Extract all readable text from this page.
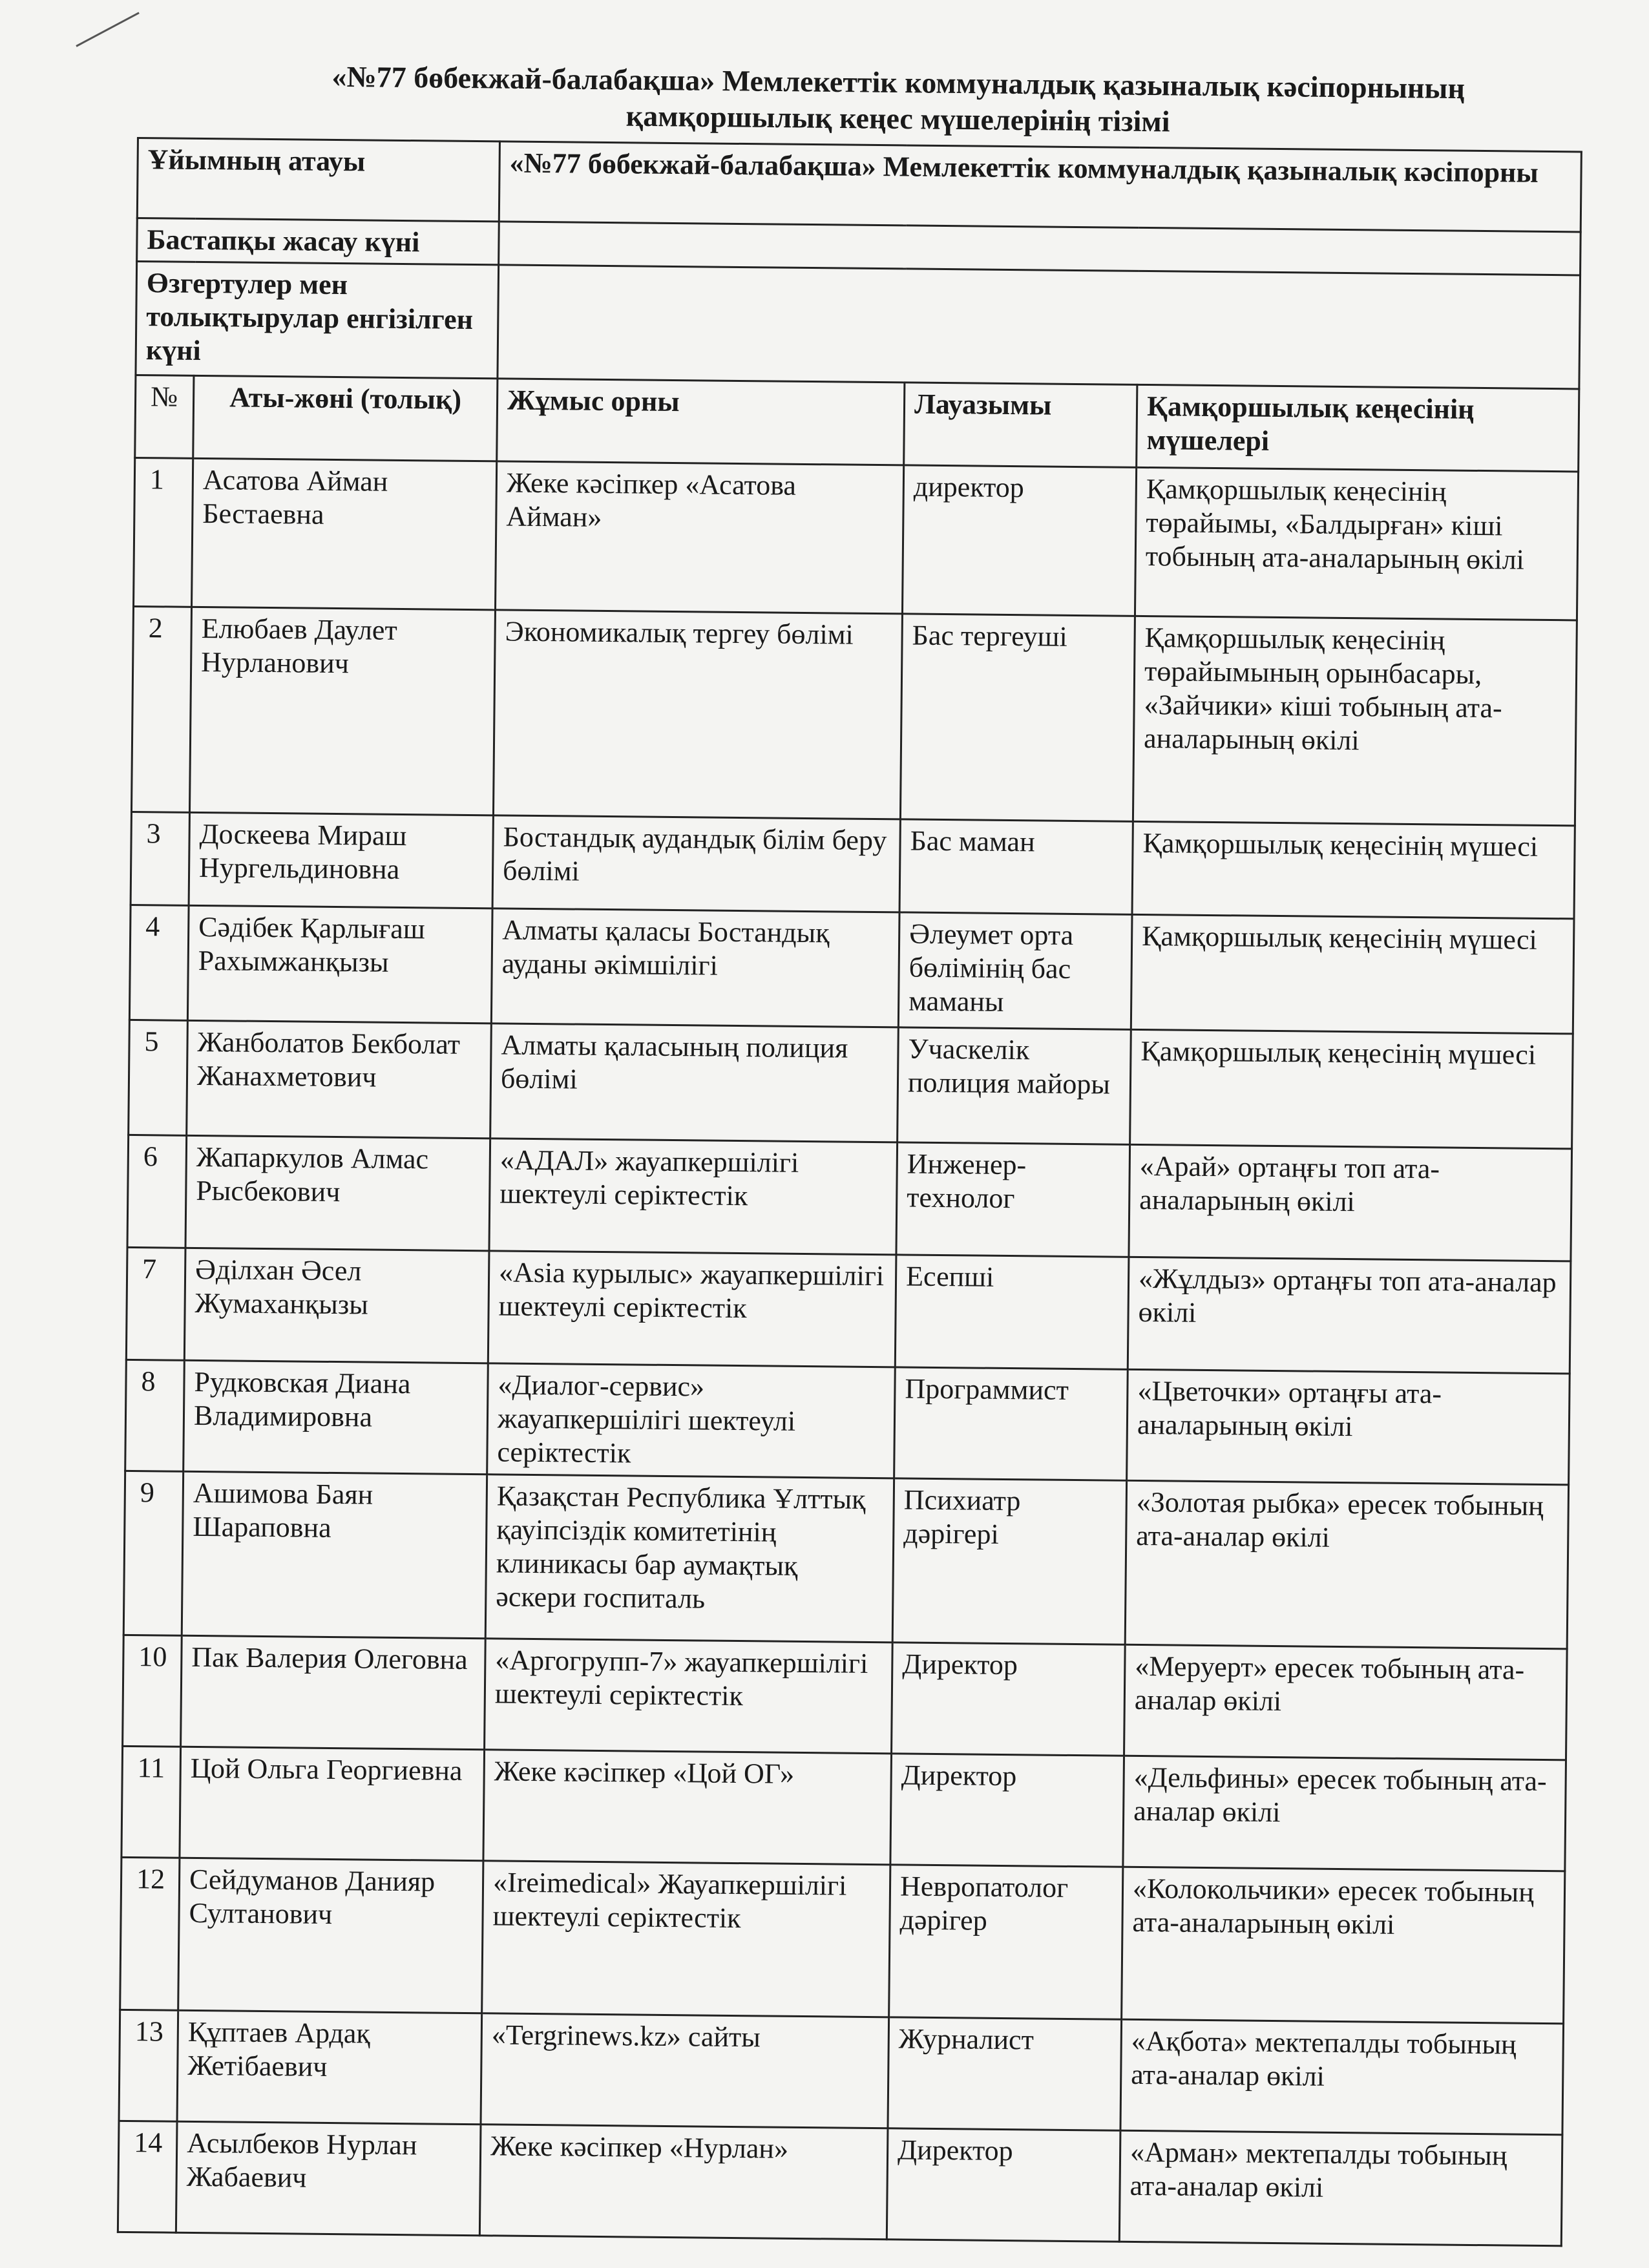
«№77 бөбекжай-балабақша» Мемлекеттік коммуналдық қазыналық кәсіпорнының
қамқоршылық кеңес мүшелерінің тізімі
Ұйымның атауы		«№77 бөбекжай-балабақша» Мемлекеттік коммуналдық қазыналық кәсіпорны		
Бастапқы жасау күні				
Өзгертулер мен толықтырулар енгізілген күні				
№	Аты-жөні (толық)	Жұмыс орны	Лауазымы	Қамқоршылық кеңесінің мүшелері
1	Асатова Айман Бестаевна	Жеке кәсіпкер «Асатова Айман»	директор	Қамқоршылық кеңесінің төрайымы, «Балдырған» кіші тобының ата-аналарының өкілі
2	Елюбаев Даулет Нурланович	Экономикалық тергеу бөлімі	Бас тергеуші	Қамқоршылық кеңесінің төрайымының орынбасары, «Зайчики» кіші тобының ата-аналарының өкілі
3	Доскеева Мираш Нургельдиновна	Бостандық аудандық білім беру бөлімі	Бас маман	Қамқоршылық кеңесінің мүшесі
4	Сәдібек Қарлығаш Рахымжанқызы	Алматы қаласы Бостандық ауданы әкімшілігі	Әлеумет орта бөлімінің бас маманы	Қамқоршылық кеңесінің мүшесі
5	Жанболатов Бекболат Жанахметович	Алматы қаласының полиция бөлімі	Учаскелік полиция майоры	Қамқоршылық кеңесінің мүшесі
6	Жапаркулов Алмас Рысбекович	«АДАЛ» жауапкершілігі шектеулі серіктестік	Инженер-технолог	«Арай» ортаңғы топ ата-аналарының өкілі
7	Әділхан Әсел Жумаханқызы	«Asia курылыс» жауапкершілігі шектеулі серіктестік	Есепші	«Жұлдыз» ортаңғы топ ата-аналар өкілі
8	Рудковская Диана Владимировна	«Диалог-сервис» жауапкершілігі шектеулі серіктестік	Программист	«Цветочки» ортаңғы ата-аналарының өкілі
9	Ашимова Баян Шараповна	Қазақстан Республика Ұлттық қауіпсіздік комитетінің клиникасы бар аумақтық әскери госпиталь	Психиатр дәрігері	«Золотая рыбка» ересек тобының ата-аналар өкілі
10	Пак Валерия Олеговна	«Аргогрупп-7» жауапкершілігі шектеулі серіктестік	Директор	«Меруерт» ересек тобының ата-аналар өкілі
11	Цой Ольга Георгиевна	Жеке кәсіпкер «Цой ОГ»	Директор	«Дельфины» ересек тобының ата-аналар өкілі
12	Сейдуманов Данияр Султанович	«Ireimedical» Жауапкершілігі шектеулі серіктестік	Невропатолог дәрігер	«Колокольчики» ересек тобының ата-аналарының өкілі
13	Құптаев Ардақ Жетібаевич	«Tergrinews.kz» сайты	Журналист	«Ақбота» мектепалды тобының ата-аналар өкілі
14	Асылбеков Нурлан Жабаевич	Жеке кәсіпкер «Нурлан»	Директор	«Арман» мектепалды тобының ата-аналар өкілі
